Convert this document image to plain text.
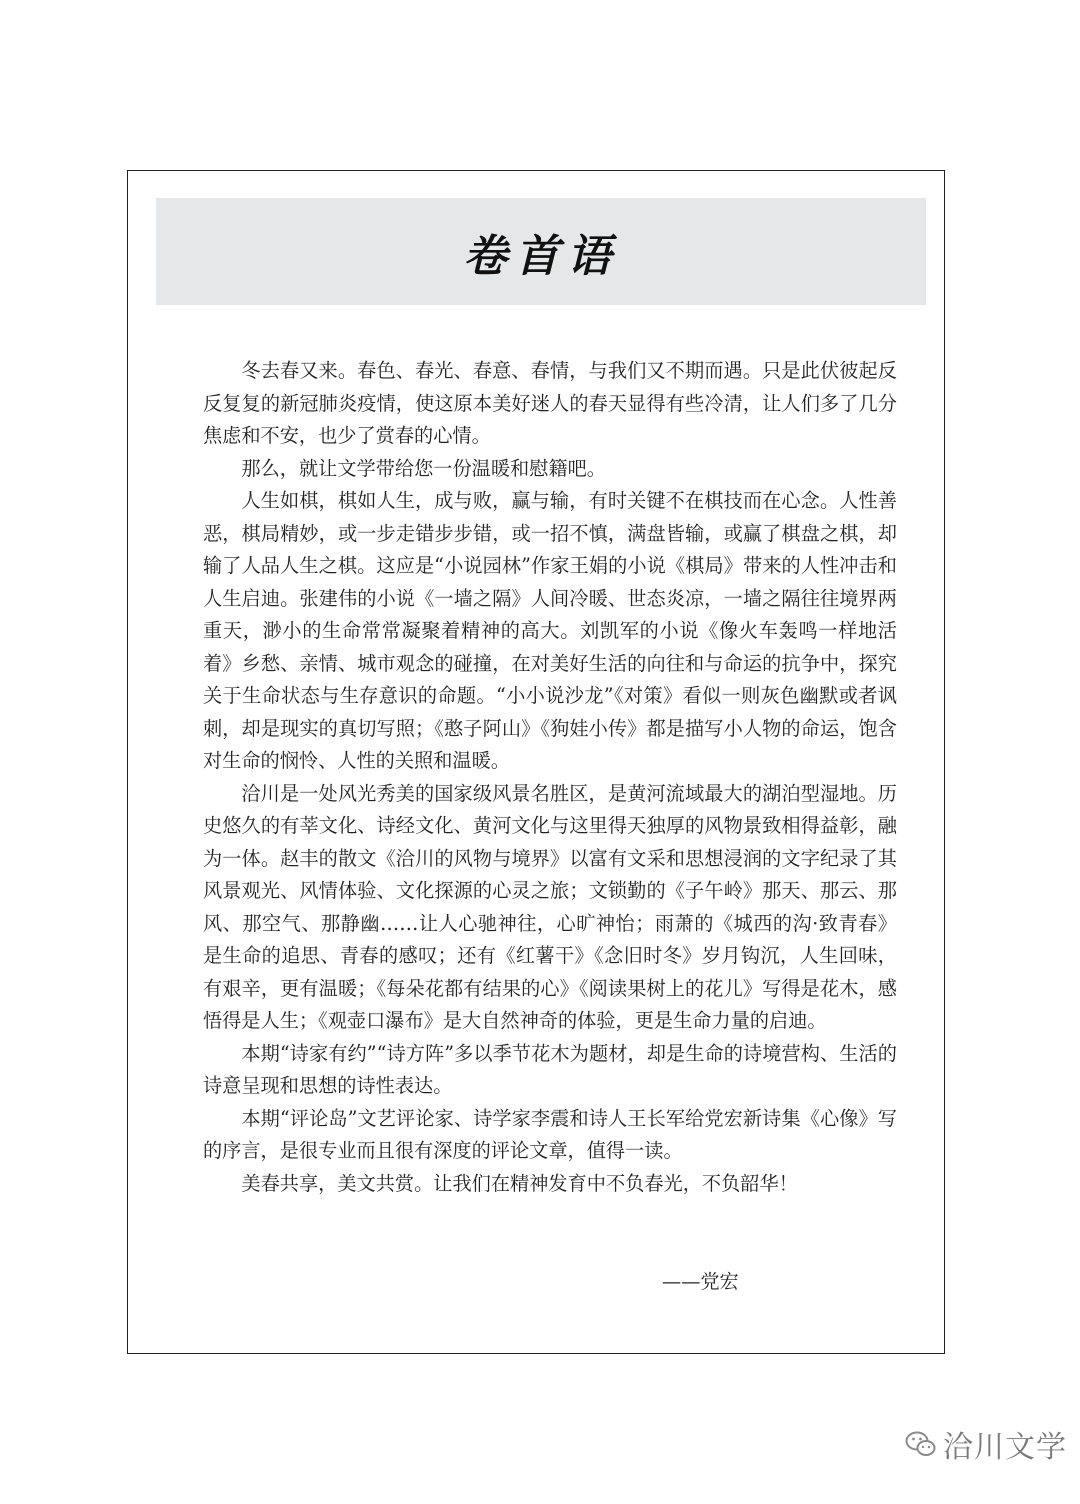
卷首语

冬去春又来。春色、春光、春意、春情，与我们又不期而遇。只是此伏彼起反反复复的新冠肺炎疫情，使这原本美好迷人的春天显得有些冷清，让人们多了几分焦虑和不安，也少了赏春的心情。

那么，就让文学带给您一份温暖和慰籍吧。

人生如棋，棋如人生，成与败，赢与输，有时关键不在棋技而在心念。人性善恶，棋局精妙，或一步走错步步错，或一招不慎，满盘皆输，或赢了棋盘之棋，却输了人品人生之棋。这应是“小说园林”作家王娟的小说《棋局》带来的人性冲击和人生启迪。张建伟的小说《一墙之隔》人间冷暖、世态炎凉，一墙之隔往往境界两重天，渺小的生命常常凝聚着精神的高大。刘凯军的小说《像火车轰鸣一样地活着》乡愁、亲情、城市观念的碰撞，在对美好生活的向往和与命运的抗争中，探究关于生命状态与生存意识的命题。“小小说沙龙”《对策》看似一则灰色幽默或者讽刺，却是现实的真切写照；《憨子阿山》《狗娃小传》都是描写小人物的命运，饱含对生命的悯怜、人性的关照和温暖。

洽川是一处风光秀美的国家级风景名胜区，是黄河流域最大的湖泊型湿地。历史悠久的有莘文化、诗经文化、黄河文化与这里得天独厚的风物景致相得益彰，融为一体。赵丰的散文《洽川的风物与境界》以富有文采和思想浸润的文字纪录了其风景观光、风情体验、文化探源的心灵之旅；文锁勤的《子午岭》那天、那云、那风、那空气、那静幽……让人心驰神往，心旷神怡；雨萧的《城西的沟·致青春》是生命的追思、青春的感叹；还有《红薯干》《念旧时冬》岁月钩沉，人生回味，有艰辛，更有温暖；《每朵花都有结果的心》《阅读果树上的花儿》写得是花木，感悟得是人生；《观壶口瀑布》是大自然神奇的体验，更是生命力量的启迪。

本期“诗家有约”“诗方阵”多以季节花木为题材，却是生命的诗境营构、生活的诗意呈现和思想的诗性表达。

本期“评论岛”文艺评论家、诗学家李震和诗人王长军给党宏新诗集《心像》写的序言，是很专业而且很有深度的评论文章，值得一读。

美春共享，美文共赏。让我们在精神发育中不负春光，不负韶华！

——党宏
洽川文学
